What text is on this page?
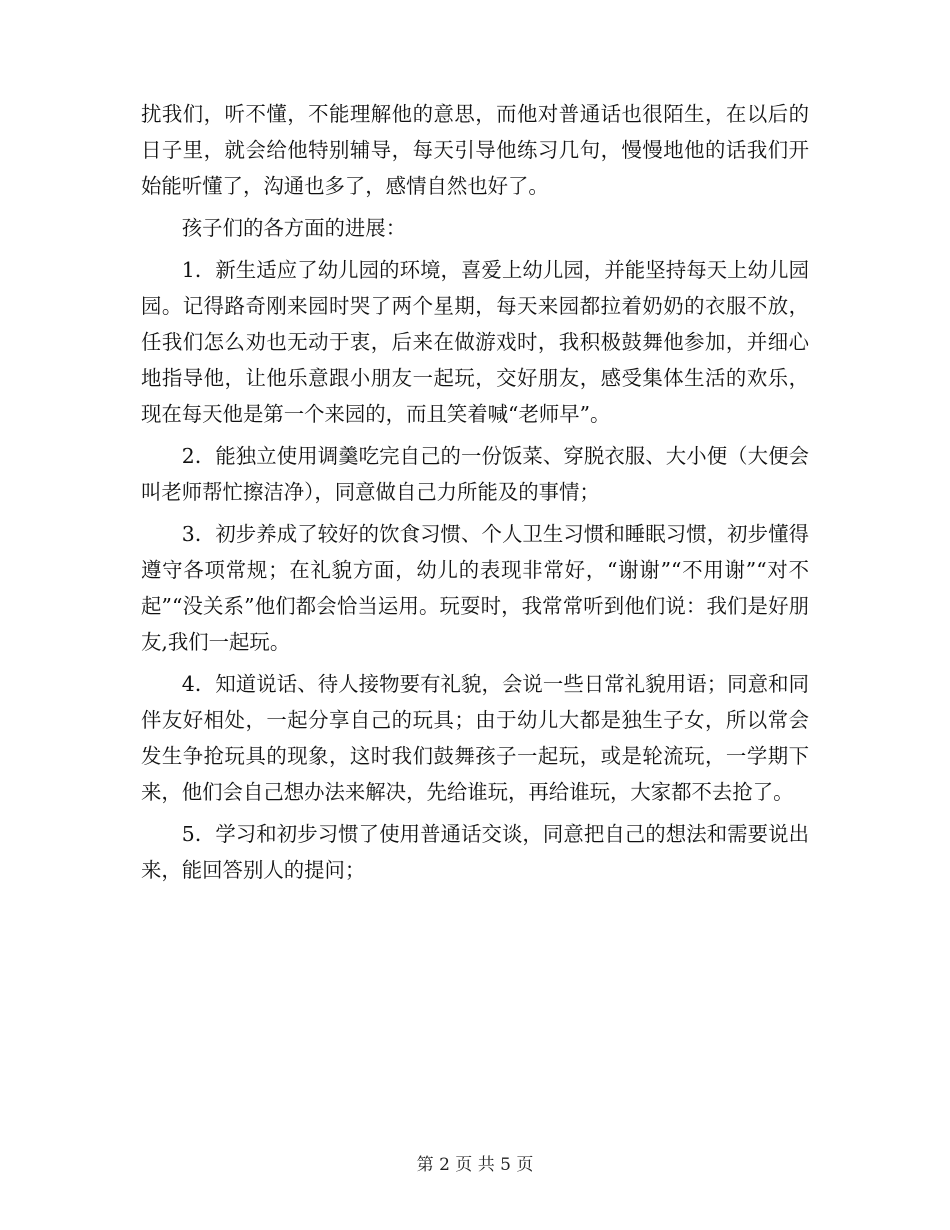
扰我们，听不懂，不能理解他的意思，而他对普通话也很陌生，在以后的日子里，就会给他特别辅导，每天引导他练习几句，慢慢地他的话我们开始能听懂了，沟通也多了，感情自然也好了。

孩子们的各方面的进展：

1．新生适应了幼儿园的环境，喜爱上幼儿园，并能坚持每天上幼儿园园。记得路奇刚来园时哭了两个星期，每天来园都拉着奶奶的衣服不放，任我们怎么劝也无动于衷，后来在做游戏时，我积极鼓舞他参加，并细心地指导他，让他乐意跟小朋友一起玩，交好朋友，感受集体生活的欢乐，现在每天他是第一个来园的，而且笑着喊“老师早”。

2．能独立使用调羹吃完自己的一份饭菜、穿脱衣服、大小便（大便会叫老师帮忙擦洁净），同意做自己力所能及的事情；

3．初步养成了较好的饮食习惯、个人卫生习惯和睡眠习惯，初步懂得遵守各项常规；在礼貌方面，幼儿的表现非常好，“谢谢”“不用谢”“对不起”“没关系”他们都会恰当运用。玩耍时，我常常听到他们说：我们是好朋友,我们一起玩。

4．知道说话、待人接物要有礼貌，会说一些日常礼貌用语；同意和同伴友好相处，一起分享自己的玩具；由于幼儿大都是独生子女，所以常会发生争抢玩具的现象，这时我们鼓舞孩子一起玩，或是轮流玩，一学期下来，他们会自己想办法来解决，先给谁玩，再给谁玩，大家都不去抢了。

5．学习和初步习惯了使用普通话交谈，同意把自己的想法和需要说出来，能回答别人的提问；

第 2 页 共 5 页
